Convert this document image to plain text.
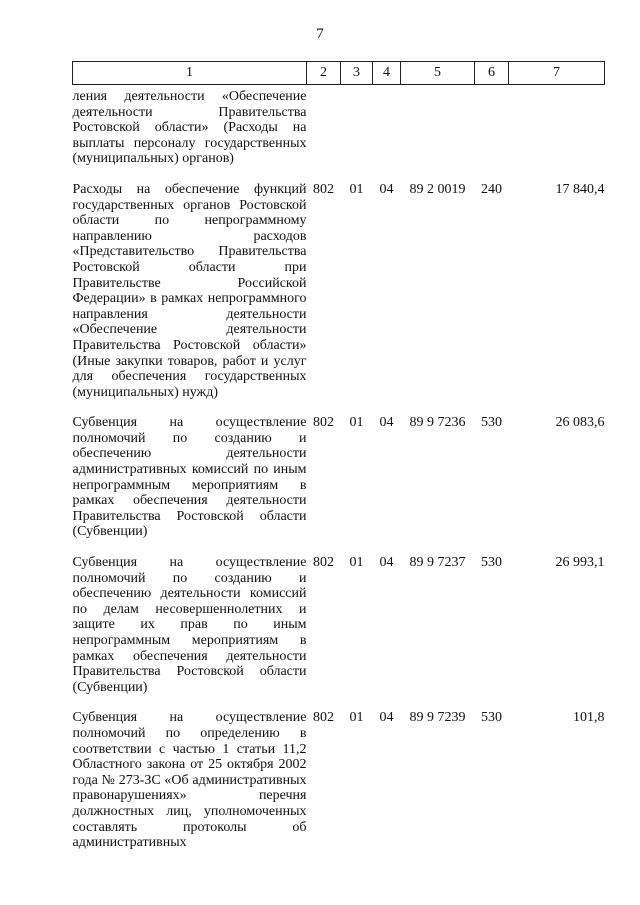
7
1	2	3	4	5	6	7
ления деятельности «Обеспечение деятельности Правительства Ростовской области» (Расходы на выплаты персоналу государственных (муниципальных) органов)						
Расходы на обеспечение функций государственных органов Ростовской области по непрограммному направлению расходов «Представительство Правительства Ростовской области при Правительстве Российской Федерации» в рамках непрограммного направления деятельности «Обеспечение деятельности Правительства Ростовской области» (Иные закупки товаров, работ и услуг для обеспечения государственных (муниципальных) нужд)	802	01	04	89 2 0019	240	17 840,4
Субвенция на осуществление полномочий по созданию и обеспечению деятельности административных комиссий по иным непрограммным мероприятиям в рамках обеспечения деятельности Правительства Ростовской области (Субвенции)	802	01	04	89 9 7236	530	26 083,6
Субвенция на осуществление полномочий по созданию и обеспечению деятельности комиссий по делам несовершеннолетних и защите их прав по иным непрограммным мероприятиям в рамках обеспечения деятельности Правительства Ростовской области (Субвенции)	802	01	04	89 9 7237	530	26 993,1
Субвенция на осуществление полномочий по определению в соответствии с частью 1 статьи 11,2 Областного закона от 25 октября 2002 года № 273-ЗС «Об административных правонарушениях» перечня должностных лиц, уполномоченных составлять протоколы об административных	802	01	04	89 9 7239	530	101,8
